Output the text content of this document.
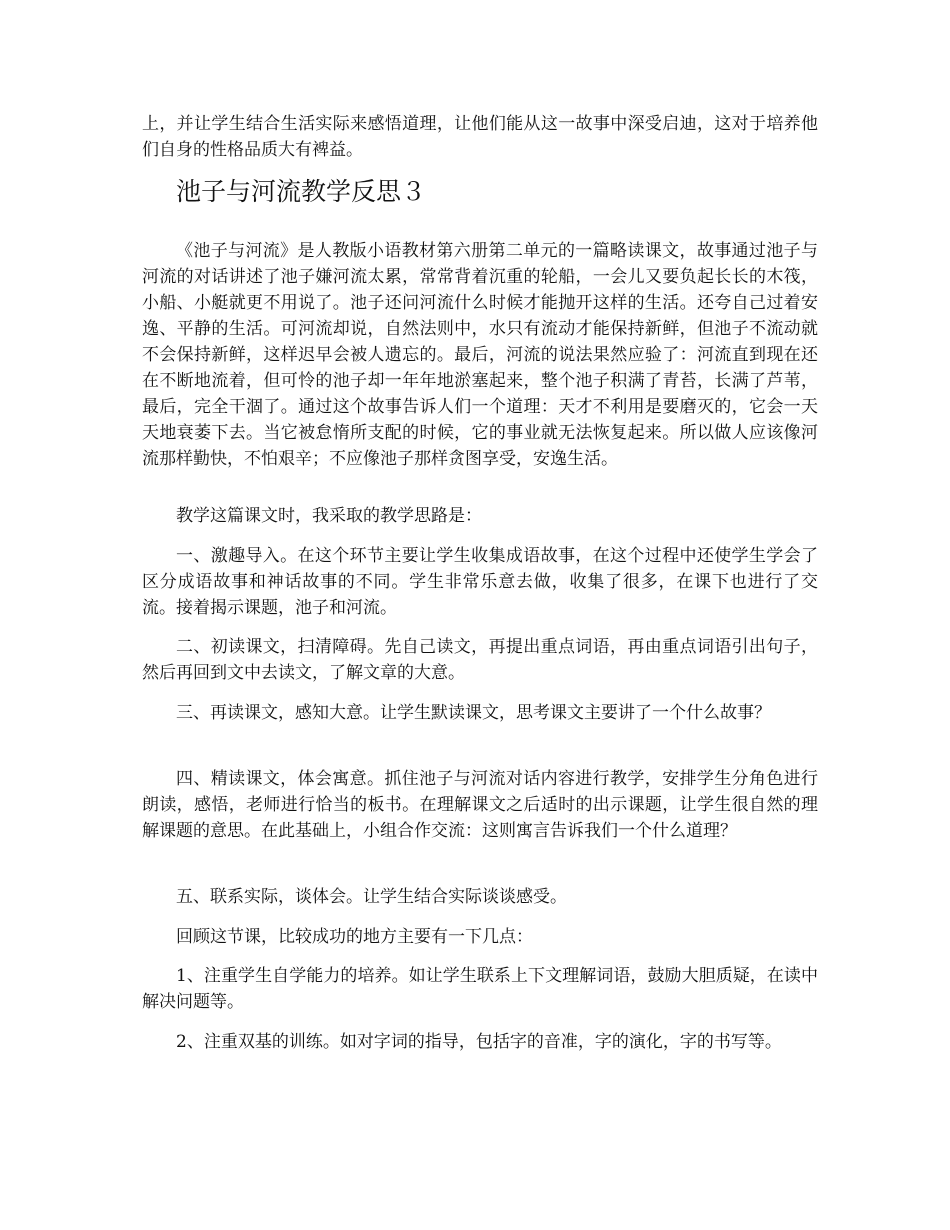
上，并让学生结合生活实际来感悟道理，让他们能从这一故事中深受启迪，这对于培养他们自身的性格品质大有裨益。

池子与河流教学反思３

《池子与河流》是人教版小语教材第六册第二单元的一篇略读课文，故事通过池子与河流的对话讲述了池子嫌河流太累，常常背着沉重的轮船，一会儿又要负起长长的木筏，小船、小艇就更不用说了。池子还问河流什么时候才能抛开这样的生活。还夸自己过着安逸、平静的生活。可河流却说，自然法则中，水只有流动才能保持新鲜，但池子不流动就不会保持新鲜，这样迟早会被人遗忘的。最后，河流的说法果然应验了：河流直到现在还在不断地流着，但可怜的池子却一年年地淤塞起来，整个池子积满了青苔，长满了芦苇，最后，完全干涸了。通过这个故事告诉人们一个道理：天才不利用是要磨灭的，它会一天天地衰萎下去。当它被怠惰所支配的时候，它的事业就无法恢复起来。所以做人应该像河流那样勤快，不怕艰辛；不应像池子那样贪图享受，安逸生活。

教学这篇课文时，我采取的教学思路是：

一、激趣导入。在这个环节主要让学生收集成语故事，在这个过程中还使学生学会了区分成语故事和神话故事的不同。学生非常乐意去做，收集了很多，在课下也进行了交流。接着揭示课题，池子和河流。

二、初读课文，扫清障碍。先自己读文，再提出重点词语，再由重点词语引出句子，然后再回到文中去读文，了解文章的大意。

三、再读课文，感知大意。让学生默读课文，思考课文主要讲了一个什么故事？

四、精读课文，体会寓意。抓住池子与河流对话内容进行教学，安排学生分角色进行朗读，感悟，老师进行恰当的板书。在理解课文之后适时的出示课题，让学生很自然的理解课题的意思。在此基础上，小组合作交流：这则寓言告诉我们一个什么道理？

五、联系实际，谈体会。让学生结合实际谈谈感受。

回顾这节课，比较成功的地方主要有一下几点：

1、注重学生自学能力的培养。如让学生联系上下文理解词语，鼓励大胆质疑，在读中解决问题等。

2、注重双基的训练。如对字词的指导，包括字的音准，字的演化，字的书写等。
